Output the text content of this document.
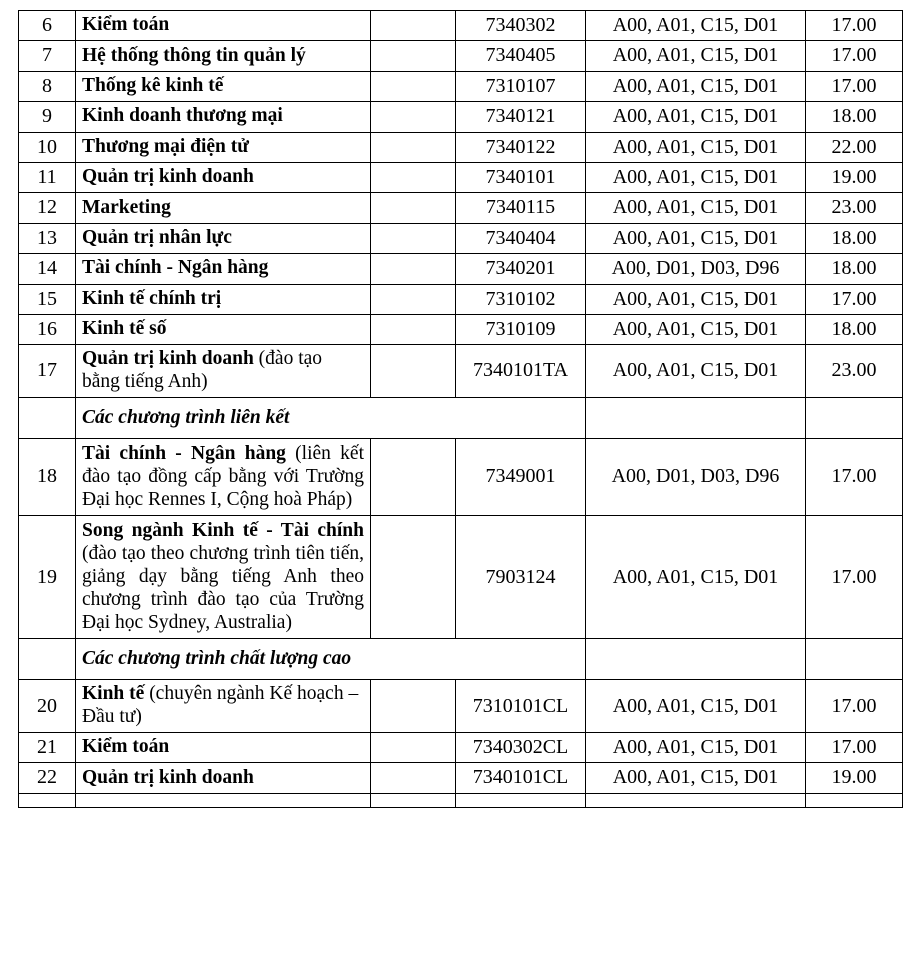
6	Kiểm toán		7340302	A00, A01, C15, D01	17.00
7	Hệ thống thông tin quản lý		7340405	A00, A01, C15, D01	17.00
8	Thống kê kinh tế		7310107	A00, A01, C15, D01	17.00
9	Kinh doanh thương mại		7340121	A00, A01, C15, D01	18.00
10	Thương mại điện tử		7340122	A00, A01, C15, D01	22.00
11	Quản trị kinh doanh		7340101	A00, A01, C15, D01	19.00
12	Marketing		7340115	A00, A01, C15, D01	23.00
13	Quản trị nhân lực		7340404	A00, A01, C15, D01	18.00
14	Tài chính - Ngân hàng		7340201	A00, D01, D03, D96	18.00
15	Kinh tế chính trị		7310102	A00, A01, C15, D01	17.00
16	Kinh tế số		7310109	A00, A01, C15, D01	18.00
17	Quản trị kinh doanh (đào tạo bằng tiếng Anh)		7340101TA	A00, A01, C15, D01	23.00
	Các chương trình liên kết				
18	Tài chính - Ngân hàng (liên kết đào tạo đồng cấp bằng với Trường Đại học Rennes I, Cộng hoà Pháp)		7349001	A00, D01, D03, D96	17.00
19	Song ngành Kinh tế - Tài chính (đào tạo theo chương trình tiên tiến, giảng dạy bằng tiếng Anh theo chương trình đào tạo của Trường Đại học Sydney, Australia)		7903124	A00, A01, C15, D01	17.00
	Các chương trình chất lượng cao				
20	Kinh tế (chuyên ngành Kế hoạch – Đầu tư)		7310101CL	A00, A01, C15, D01	17.00
21	Kiểm toán		7340302CL	A00, A01, C15, D01	17.00
22	Quản trị kinh doanh		7340101CL	A00, A01, C15, D01	19.00
